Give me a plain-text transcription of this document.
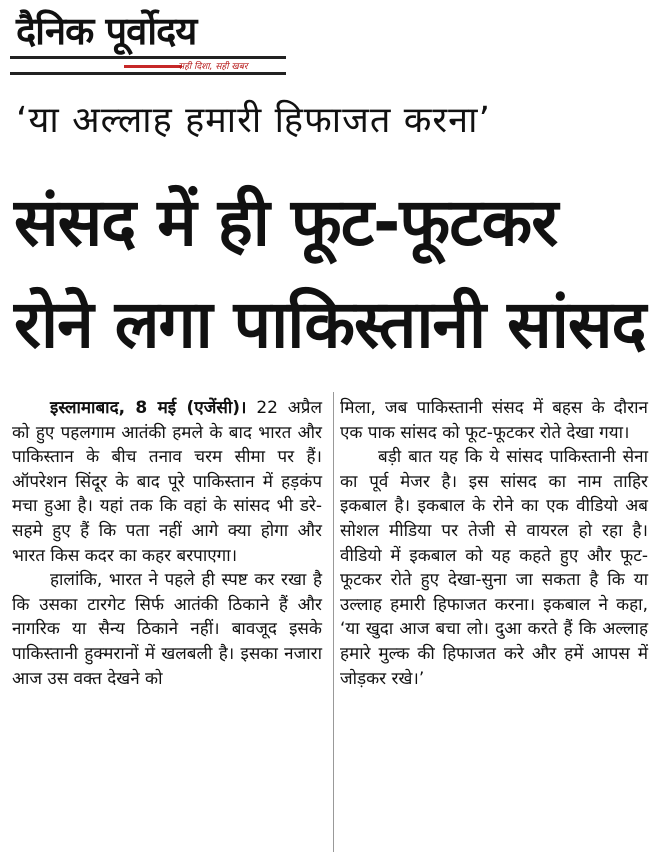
दैनिक पूर्वोदय
सही दिशा, सही खबर
‘या अल्लाह हमारी हिफाजत करना’
संसद में ही फूट-फूटकर
रोने लगा पाकिस्तानी सांसद

इस्लामाबाद, 8 मई (एजेंसी)। 22 अप्रैल को हुए पहलगाम आतंकी हमले के बाद भारत और पाकिस्तान के बीच तनाव चरम सीमा पर हैं। ऑपरेशन सिंदूर के बाद पूरे पाकिस्तान में हड़कंप मचा हुआ है। यहां तक कि वहां के सांसद भी डरे-सहमे हुए हैं कि पता नहीं आगे क्या होगा और भारत किस कदर का कहर बरपाएगा।

हालांकि, भारत ने पहले ही स्पष्ट कर रखा है कि उसका टारगेट सिर्फ आतंकी ठिकाने हैं और नागरिक या सैन्य ठिकाने नहीं। बावजूद इसके पाकिस्तानी हुक्मरानों में खलबली है। इसका नजारा आज उस वक्त देखने को

मिला, जब पाकिस्तानी संसद में बहस के दौरान एक पाक सांसद को फूट-फूटकर रोते देखा गया।

बड़ी बात यह कि ये सांसद पाकिस्तानी सेना का पूर्व मेजर है। इस सांसद का नाम ताहिर इकबाल है। इकबाल के रोने का एक वीडियो अब सोशल मीडिया पर तेजी से वायरल हो रहा है। वीडियो में इकबाल को यह कहते हुए और फूट-फूटकर रोते हुए देखा-सुना जा सकता है कि या उल्लाह हमारी हिफाजत करना। इकबाल ने कहा, ‘या खुदा आज बचा लो। दुआ करते हैं कि अल्लाह हमारे मुल्क की हिफाजत करे और हमें आपस में जोड़कर रखे।’
